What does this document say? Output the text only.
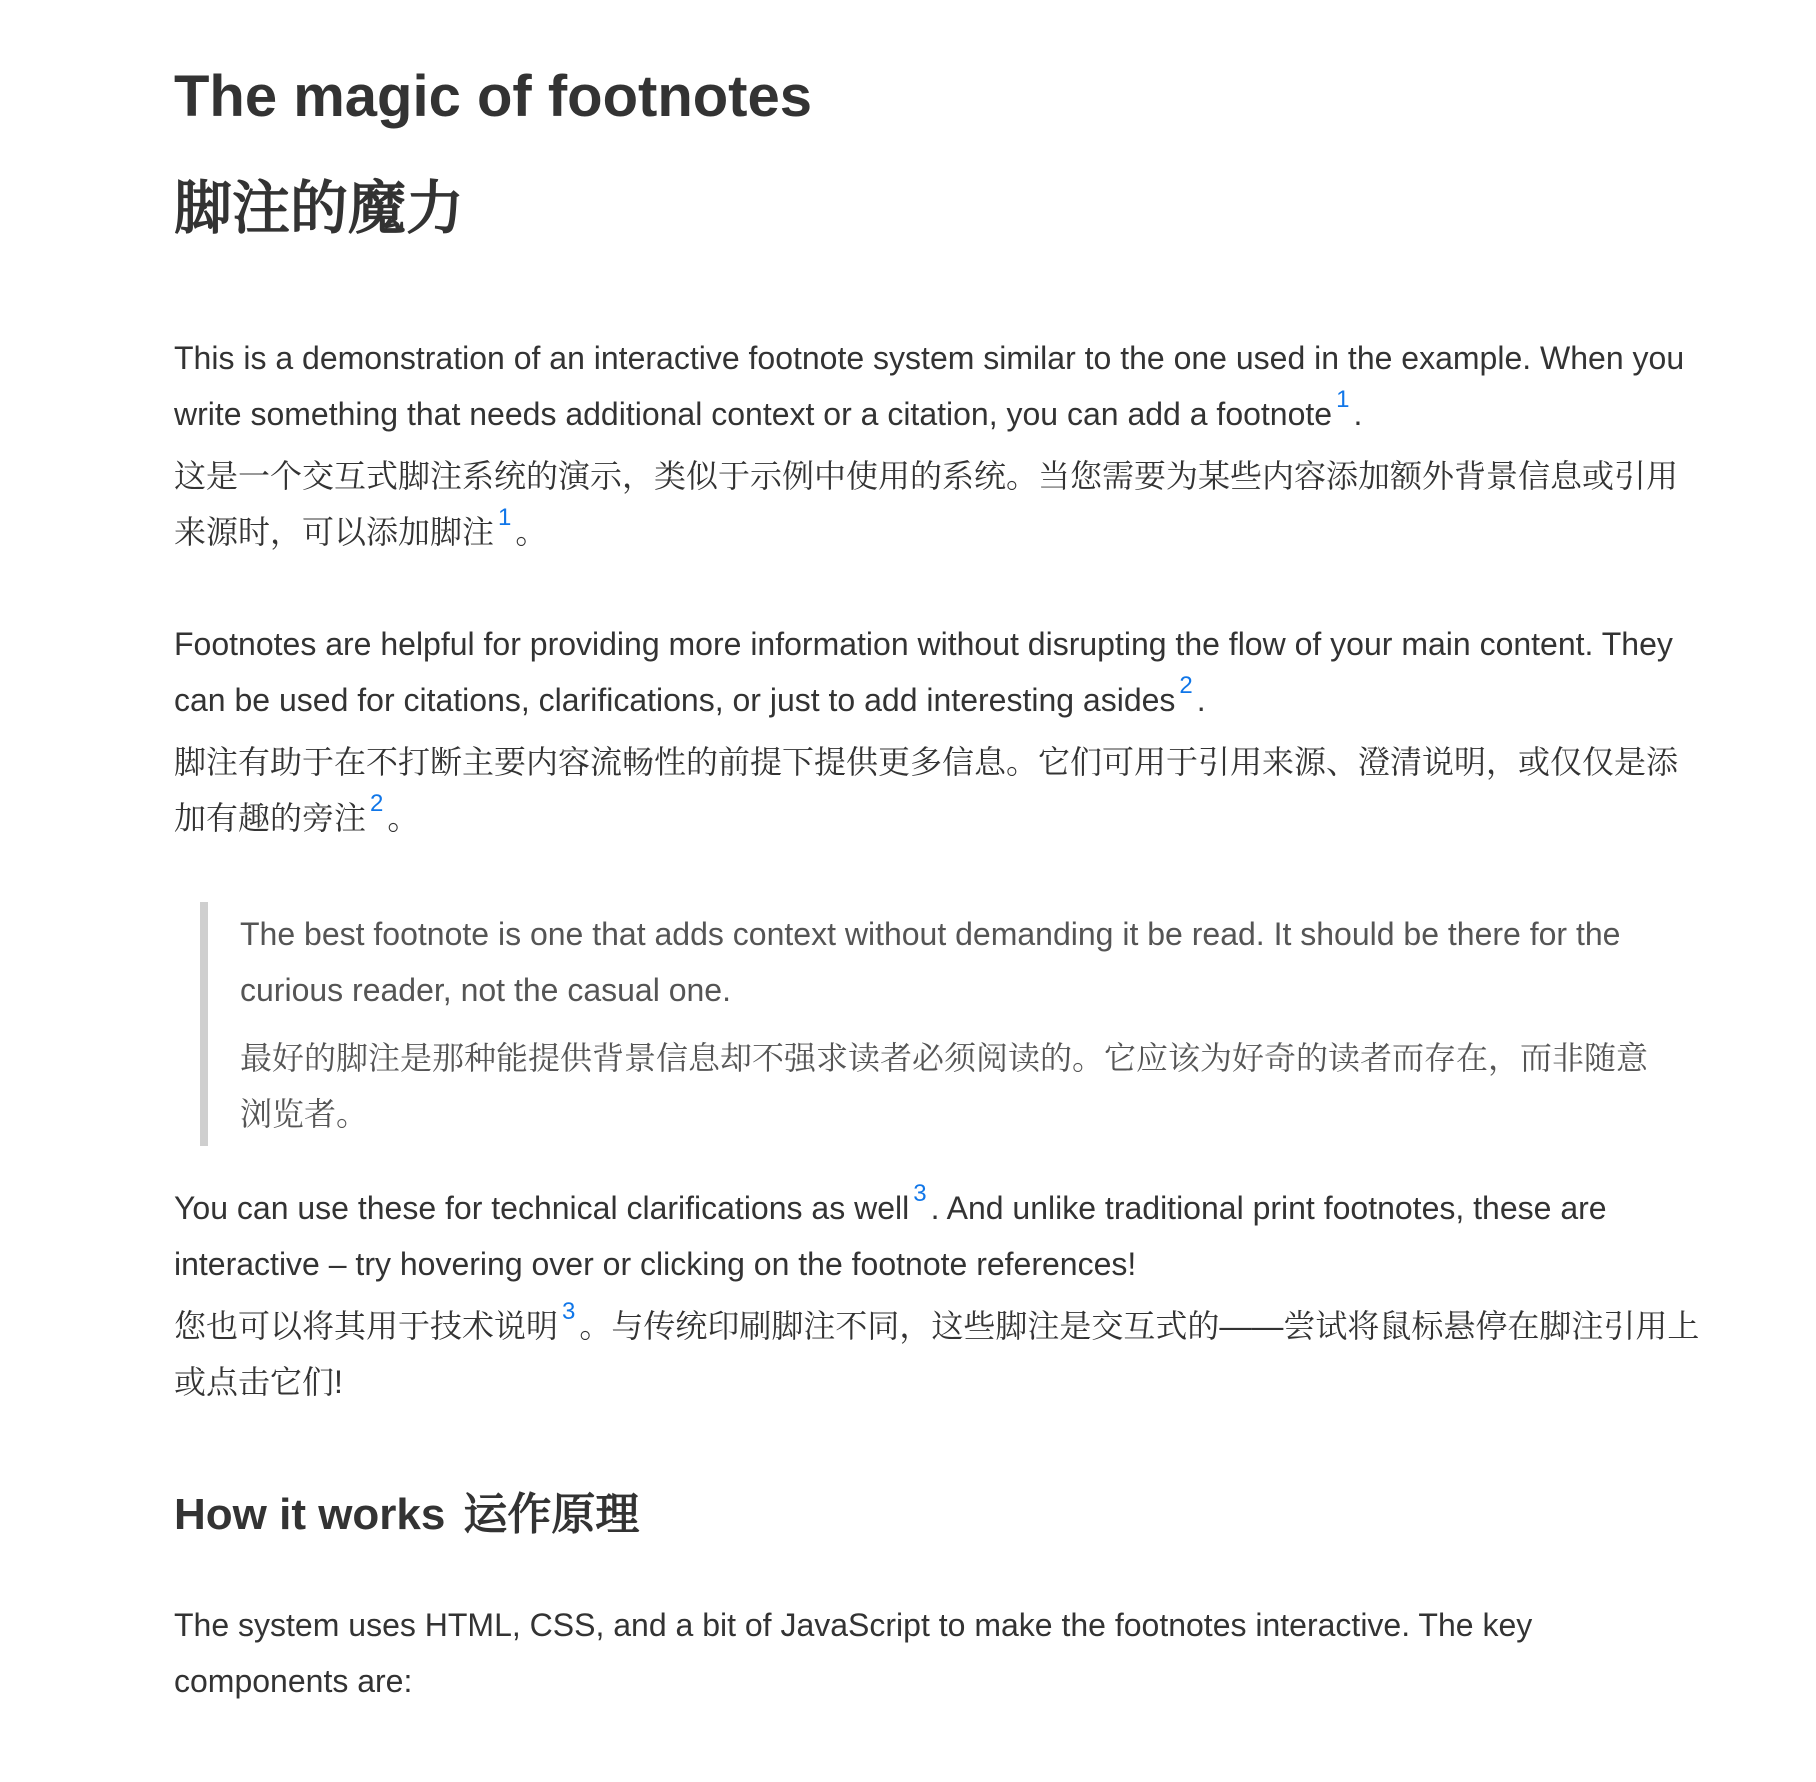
The magic of footnotes
脚注的魔力
This is a demonstration of an interactive footnote system similar to the one used in the example. When you write something that needs additional context or a citation, you can add a footnote $^1$ .
这是一个交互式脚注系统的演示，类似于示例中使用的系统。当您需要为某些内容添加额外背景信息或引用来源时，可以添加脚注 $^1$ 。
Footnotes are helpful for providing more information without disrupting the flow of your main content. They can be used for citations, clarifications, or just to add interesting asides $^2$ .
脚注有助于在不打断主要内容流畅性的前提下提供更多信息。它们可用于引用来源、澄清说明，或仅仅是添加有趣的旁注 $^2$ 。
The best footnote is one that adds context without demanding it be read. It should be there for the curious reader, not the casual one.
最好的脚注是那种能提供背景信息却不强求读者必须阅读的。它应该为好奇的读者而存在，而非随意浏览者。
You can use these for technical clarifications as well $^3$ . And unlike traditional print footnotes, these are interactive – try hovering over or clicking on the footnote references!
您也可以将其用于技术说明 $^3$ 。与传统印刷脚注不同，这些脚注是交互式的——尝试将鼠标悬停在脚注引用上或点击它们!
How it works 运作原理

The system uses HTML, CSS, and a bit of JavaScript to make the footnotes interactive. The key components are:
